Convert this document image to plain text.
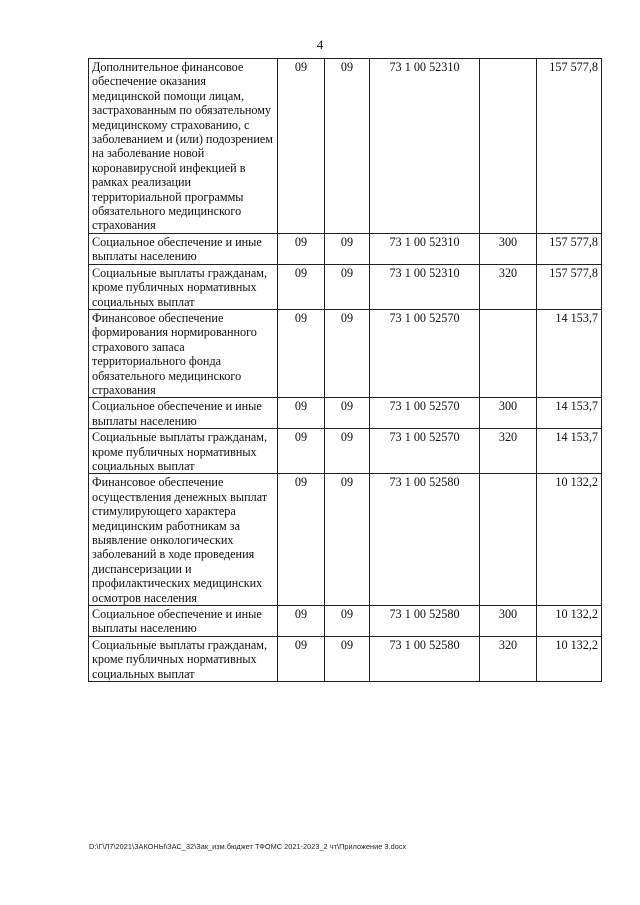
4
Дополнительное финансовое обеспечение оказания медицинской помощи лицам, застрахованным по обязательному медицинскому страхованию, с заболеванием и (или) подозрением на заболевание новой коронавирусной инфекцией в рамках реализации территориальной программы обязательного медицинского страхования	09	09	73 1 00 52310		157 577,8
Социальное обеспечение и иные выплаты населению	09	09	73 1 00 52310	300	157 577,8
Социальные выплаты гражданам, кроме публичных нормативных социальных выплат	09	09	73 1 00 52310	320	157 577,8
Финансовое обеспечение формирования нормированного страхового запаса территориального фонда обязательного медицинского страхования	09	09	73 1 00 52570		14 153,7
Социальное обеспечение и иные выплаты населению	09	09	73 1 00 52570	300	14 153,7
Социальные выплаты гражданам, кроме публичных нормативных социальных выплат	09	09	73 1 00 52570	320	14 153,7
Финансовое обеспечение осуществления денежных выплат стимулирующего характера медицинским работникам за выявление онкологических заболеваний в ходе проведения диспансеризации и профилактических медицинских осмотров населения	09	09	73 1 00 52580		10 132,2
Социальное обеспечение и иные выплаты населению	09	09	73 1 00 52580	300	10 132,2
Социальные выплаты гражданам, кроме публичных нормативных социальных выплат	09	09	73 1 00 52580	320	10 132,2
D:\Г\Л7\2021\ЗАКОНЫ\ЗАС_32\Зак_изм.бюджет ТФОМС 2021-2023_2 чт\Приложение 3.docx
